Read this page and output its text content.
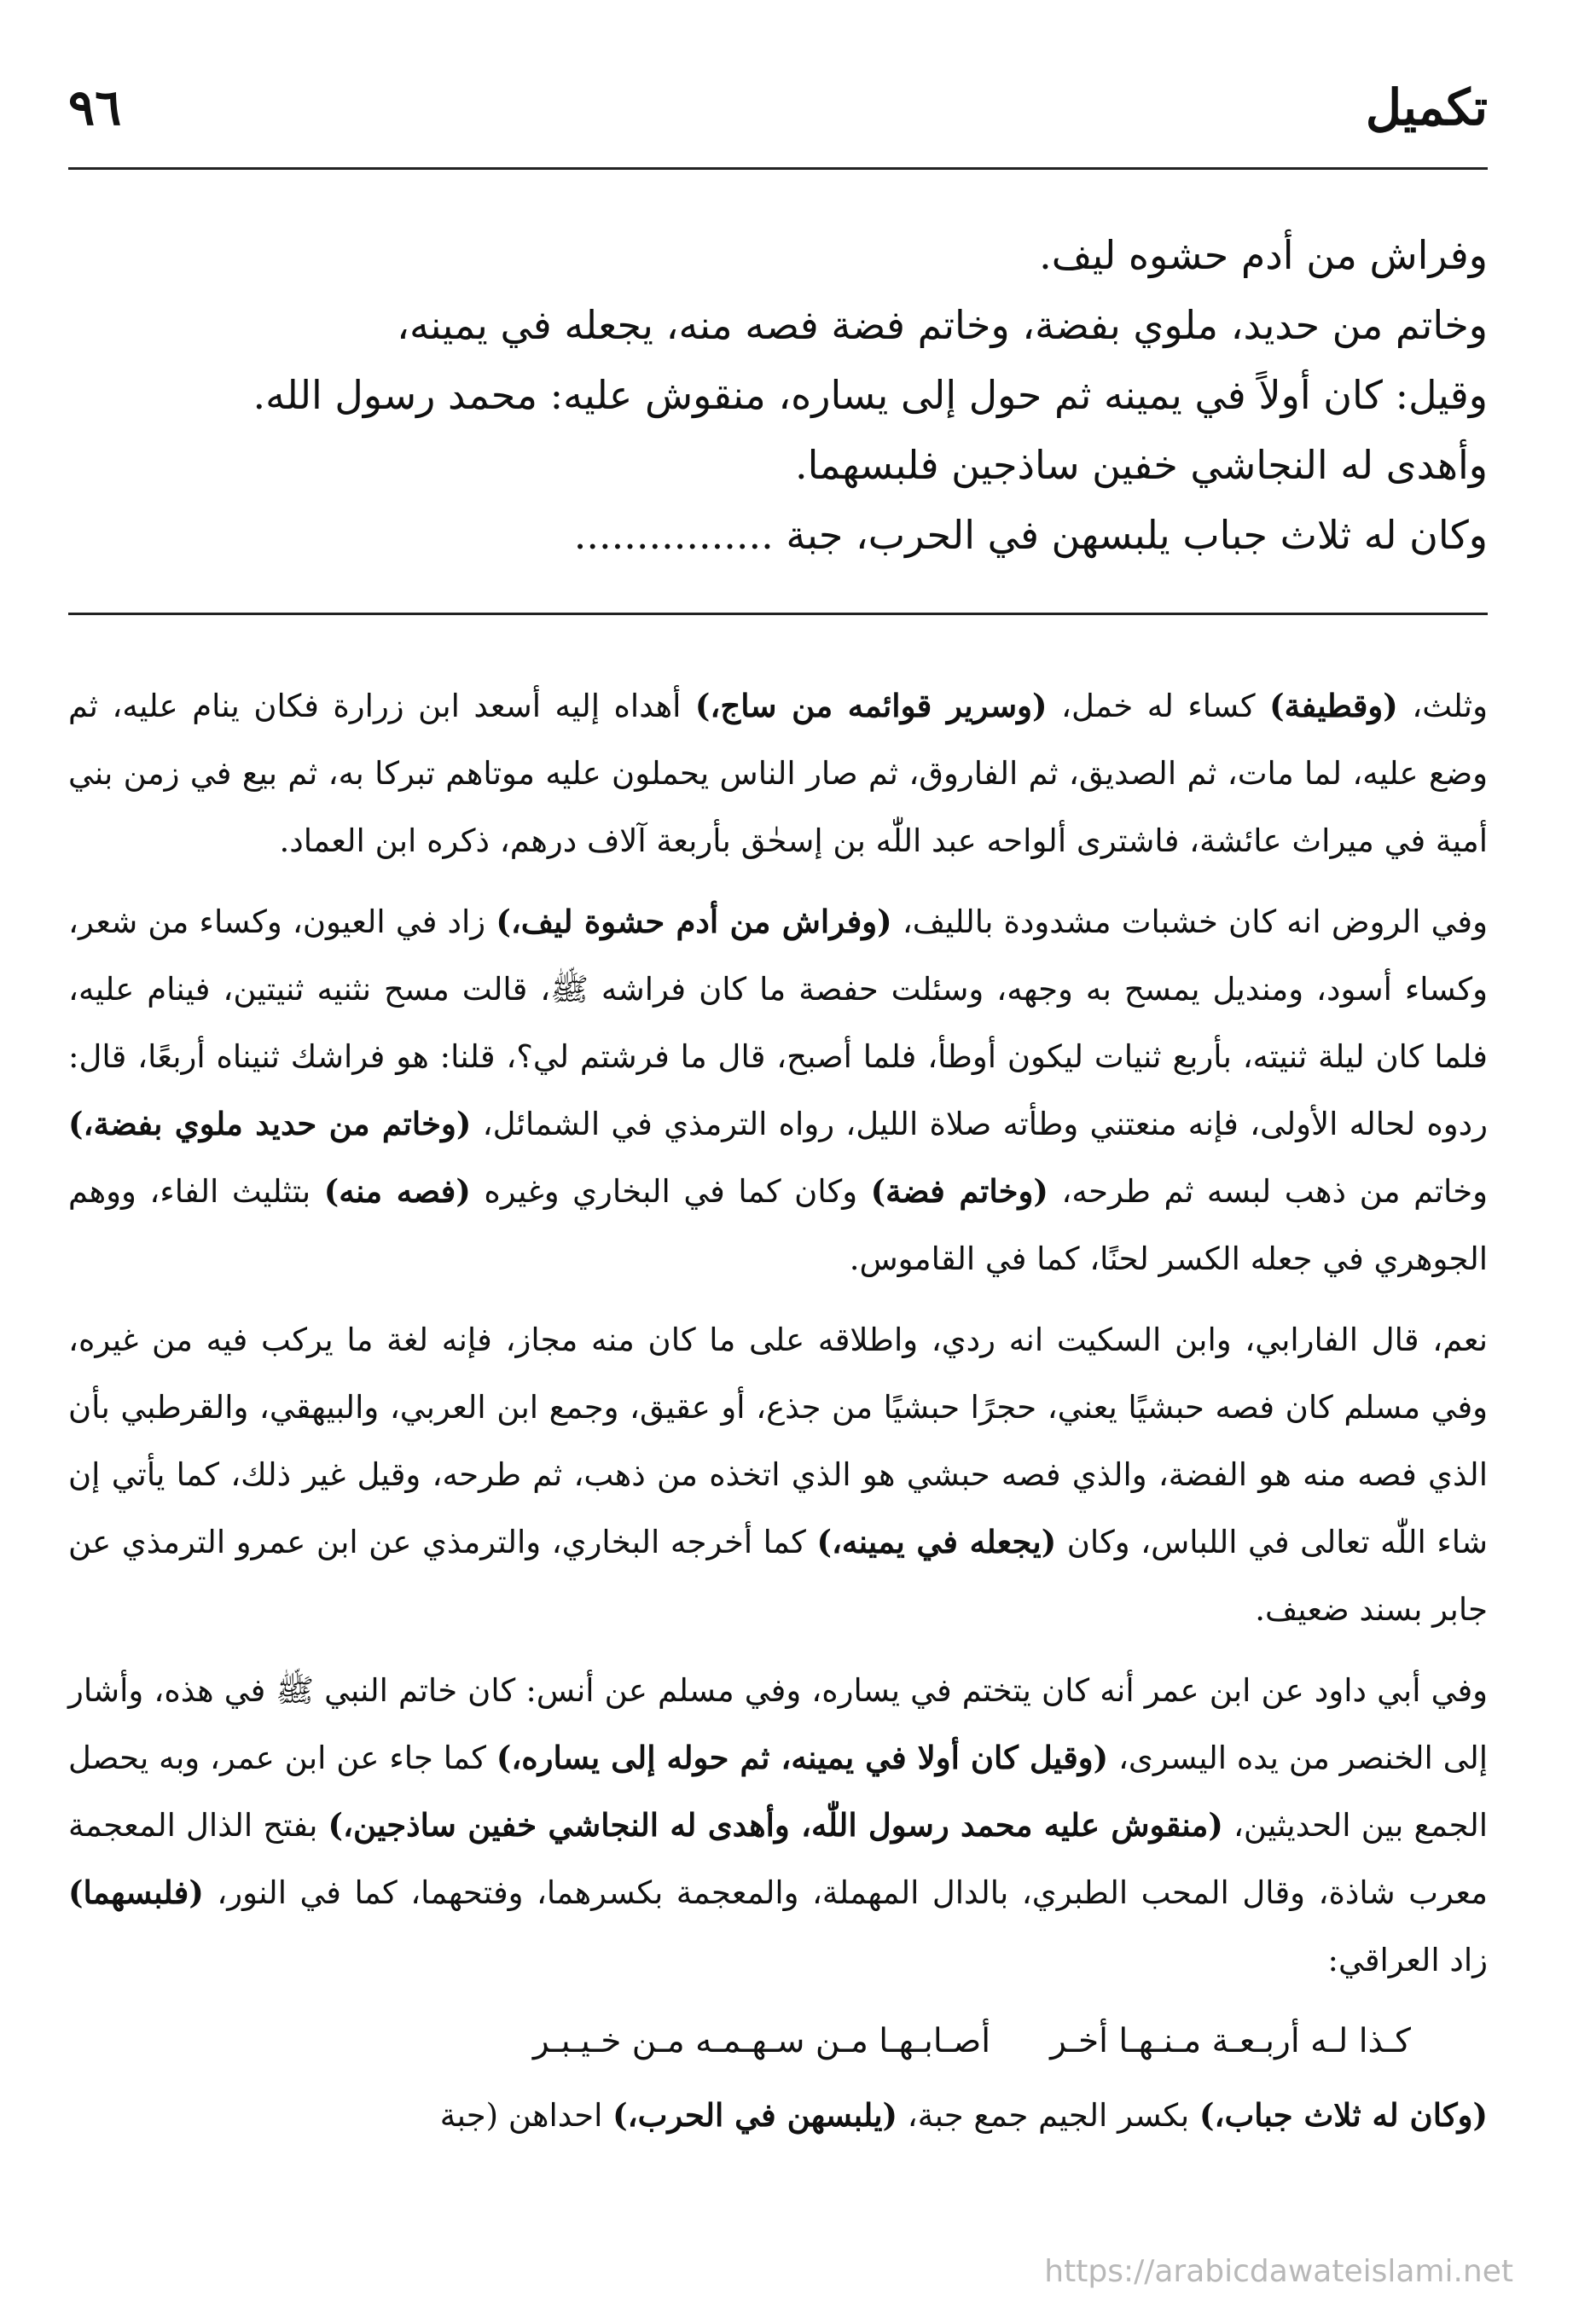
تكميل
٩٦

وفراش من أدم حشوه ليف.

وخاتم من حديد، ملوي بفضة، وخاتم فضة فصه منه، يجعله في يمينه،

وقيل: كان أولاً في يمينه ثم حول إلى يساره، منقوش عليه: محمد رسول الله.

وأهدى له النجاشي خفين ساذجين فلبسهما.

وكان له ثلاث جباب يلبسهن في الحرب، جبة ................

وثلث، (وقطيفة) كساء له خمل، (وسرير قوائمه من ساج،) أهداه إليه أسعد ابن زرارة فكان ينام عليه، ثم وضع عليه، لما مات، ثم الصديق، ثم الفاروق، ثم صار الناس يحملون عليه موتاهم تبركا به، ثم بيع في زمن بني أمية في ميراث عائشة، فاشترى ألواحه عبد اللّٰه بن إسحٰق بأربعة آلاف درهم، ذكره ابن العماد.

وفي الروض انه كان خشبات مشدودة بالليف، (وفراش من أدم حشوة ليف،) زاد في العيون، وكساء من شعر، وكساء أسود، ومنديل يمسح به وجهه، وسئلت حفصة ما كان فراشه ﷺ، قالت مسح نثنيه ثنيتين، فينام عليه، فلما كان ليلة ثنيته، بأربع ثنيات ليكون أوطأ، فلما أصبح، قال ما فرشتم لي؟، قلنا: هو فراشك ثنيناه أربعًا، قال: ردوه لحاله الأولى، فإنه منعتني وطأته صلاة الليل، رواه الترمذي في الشمائل، (وخاتم من حديد ملوي بفضة،) وخاتم من ذهب لبسه ثم طرحه، (وخاتم فضة) وكان كما في البخاري وغيره (فصه منه) بتثليث الفاء، ووهم الجوهري في جعله الكسر لحنًا، كما في القاموس.

نعم، قال الفارابي، وابن السكيت انه ردي، واطلاقه على ما كان منه مجاز، فإنه لغة ما يركب فيه من غيره، وفي مسلم كان فصه حبشيًا يعني، حجرًا حبشيًا من جذع، أو عقيق، وجمع ابن العربي، والبيهقي، والقرطبي بأن الذي فصه منه هو الفضة، والذي فصه حبشي هو الذي اتخذه من ذهب، ثم طرحه، وقيل غير ذلك، كما يأتي إن شاء اللّٰه تعالى في اللباس، وكان (يجعله في يمينه،) كما أخرجه البخاري، والترمذي عن ابن عمرو الترمذي عن جابر بسند ضعيف.

وفي أبي داود عن ابن عمر أنه كان يتختم في يساره، وفي مسلم عن أنس: كان خاتم النبي ﷺ في هذه، وأشار إلى الخنصر من يده اليسرى، (وقيل كان أولا في يمينه، ثم حوله إلى يساره،) كما جاء عن ابن عمر، وبه يحصل الجمع بين الحديثين، (منقوش عليه محمد رسول اللّٰه، وأهدى له النجاشي خفين ساذجين،) بفتح الذال المعجمة معرب شاذة، وقال المحب الطبري، بالدال المهملة، والمعجمة بكسرهما، وفتحهما، كما في النور، (فلبسهما) زاد العراقي:

كـذا لـه أربـعـة مـنـهـا أخـرأصـابـهـا مـن سـهـمـه مـن خـيـبـر

(وكان له ثلاث جباب،) بكسر الجيم جمع جبة، (يلبسهن في الحرب،) احداهن (جبة

https://arabicdawateislami.net
